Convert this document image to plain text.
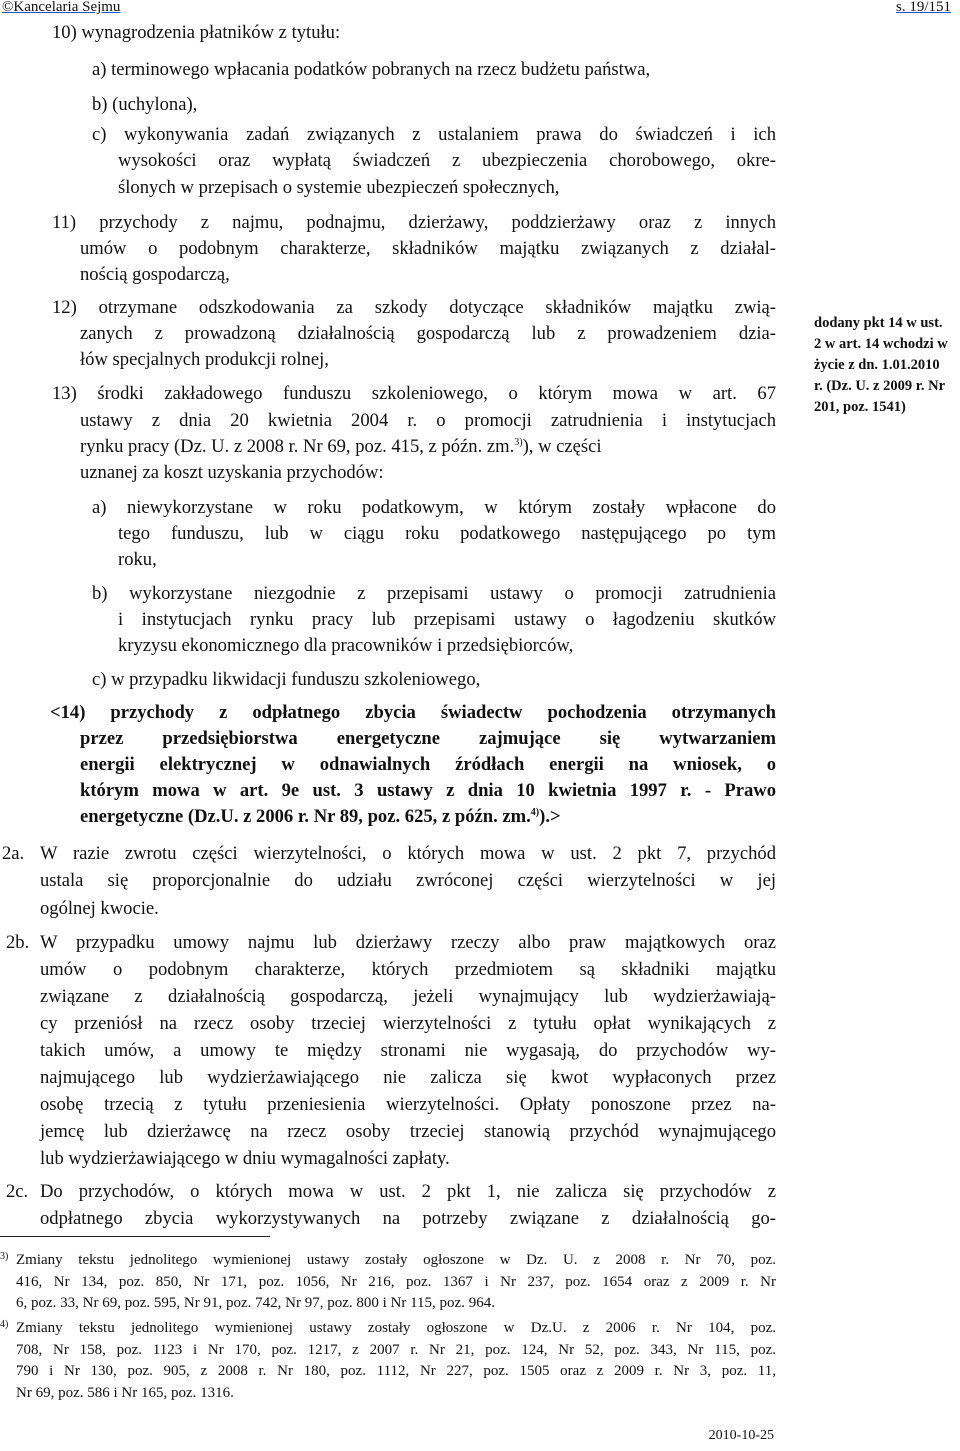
©Kancelaria Sejmu	s. 19/151
10) wynagrodzenia płatników z tytułu:
a) terminowego wpłacania podatków pobranych na rzecz budżetu państwa,
b) (uchylona),
c) wykonywania zadań związanych z ustalaniem prawa do świadczeń i ich
wysokości oraz wypłatą świadczeń z ubezpieczenia chorobowego, okre-
ślonych w przepisach o systemie ubezpieczeń społecznych,
11) przychody z najmu, podnajmu, dzierżawy, poddzierżawy oraz z innych
umów o podobnym charakterze, składników majątku związanych z działal-
nością gospodarczą,
12) otrzymane odszkodowania za szkody dotyczące składników majątku zwią-
zanych z prowadzoną działalnością gospodarczą lub z prowadzeniem dzia-
łów specjalnych produkcji rolnej,
13) środki zakładowego funduszu szkoleniowego, o którym mowa w art. 67
ustawy z dnia 20 kwietnia 2004 r. o promocji zatrudnienia i instytucjach
rynku pracy (Dz. U. z 2008 r. Nr 69, poz. 415, z późn. zm.$^{3)}$), w części
uznanej za koszt uzyskania przychodów:
a) niewykorzystane w roku podatkowym, w którym zostały wpłacone do
tego funduszu, lub w ciągu roku podatkowego następującego po tym
roku,
b) wykorzystane niezgodnie z przepisami ustawy o promocji zatrudnienia
i instytucjach rynku pracy lub przepisami ustawy o łagodzeniu skutków
kryzysu ekonomicznego dla pracowników i przedsiębiorców,
c) w przypadku likwidacji funduszu szkoleniowego,
<14) przychody z odpłatnego zbycia świadectw pochodzenia otrzymanych
przez przedsiębiorstwa energetyczne zajmujące się wytwarzaniem
energii elektrycznej w odnawialnych źródłach energii na wniosek, o
którym mowa w art. 9e ust. 3 ustawy z dnia 10 kwietnia 1997 r. - Prawo
energetyczne (Dz.U. z 2006 r. Nr 89, poz. 625, z późn. zm.$^{4)}$).>
2a. W razie zwrotu części wierzytelności, o których mowa w ust. 2 pkt 7, przychód
ustala się proporcjonalnie do udziału zwróconej części wierzytelności w jej
ogólnej kwocie.
2b. W przypadku umowy najmu lub dzierżawy rzeczy albo praw majątkowych oraz
umów o podobnym charakterze, których przedmiotem są składniki majątku
związane z działalnością gospodarczą, jeżeli wynajmujący lub wydzierżawiają-
cy przeniósł na rzecz osoby trzeciej wierzytelności z tytułu opłat wynikających z
takich umów, a umowy te między stronami nie wygasają, do przychodów wy-
najmującego lub wydzierżawiającego nie zalicza się kwot wypłaconych przez
osobę trzecią z tytułu przeniesienia wierzytelności. Opłaty ponoszone przez na-
jemcę lub dzierżawcę na rzecz osoby trzeciej stanowią przychód wynajmującego
lub wydzierżawiającego w dniu wymagalności zapłaty.
2c. Do przychodów, o których mowa w ust. 2 pkt 1, nie zalicza się przychodów z
odpłatnego zbycia wykorzystywanych na potrzeby związane z działalnością go-
dodany pkt 14 w ust.
2 w art. 14 wchodzi w
życie z dn. 1.01.2010
r. (Dz. U. z 2009 r. Nr
201, poz. 1541)
3) Zmiany tekstu jednolitego wymienionej ustawy zostały ogłoszone w Dz. U. z 2008 r. Nr 70, poz.
416, Nr 134, poz. 850, Nr 171, poz. 1056, Nr 216, poz. 1367 i Nr 237, poz. 1654 oraz z 2009 r. Nr
6, poz. 33, Nr 69, poz. 595, Nr 91, poz. 742, Nr 97, poz. 800 i Nr 115, poz. 964.
4) Zmiany tekstu jednolitego wymienionej ustawy zostały ogłoszone w Dz.U. z 2006 r. Nr 104, poz.
708, Nr 158, poz. 1123 i Nr 170, poz. 1217, z 2007 r. Nr 21, poz. 124, Nr 52, poz. 343, Nr 115, poz.
790 i Nr 130, poz. 905, z 2008 r. Nr 180, poz. 1112, Nr 227, poz. 1505 oraz z 2009 r. Nr 3, poz. 11,
Nr 69, poz. 586 i Nr 165, poz. 1316.
2010-10-25
